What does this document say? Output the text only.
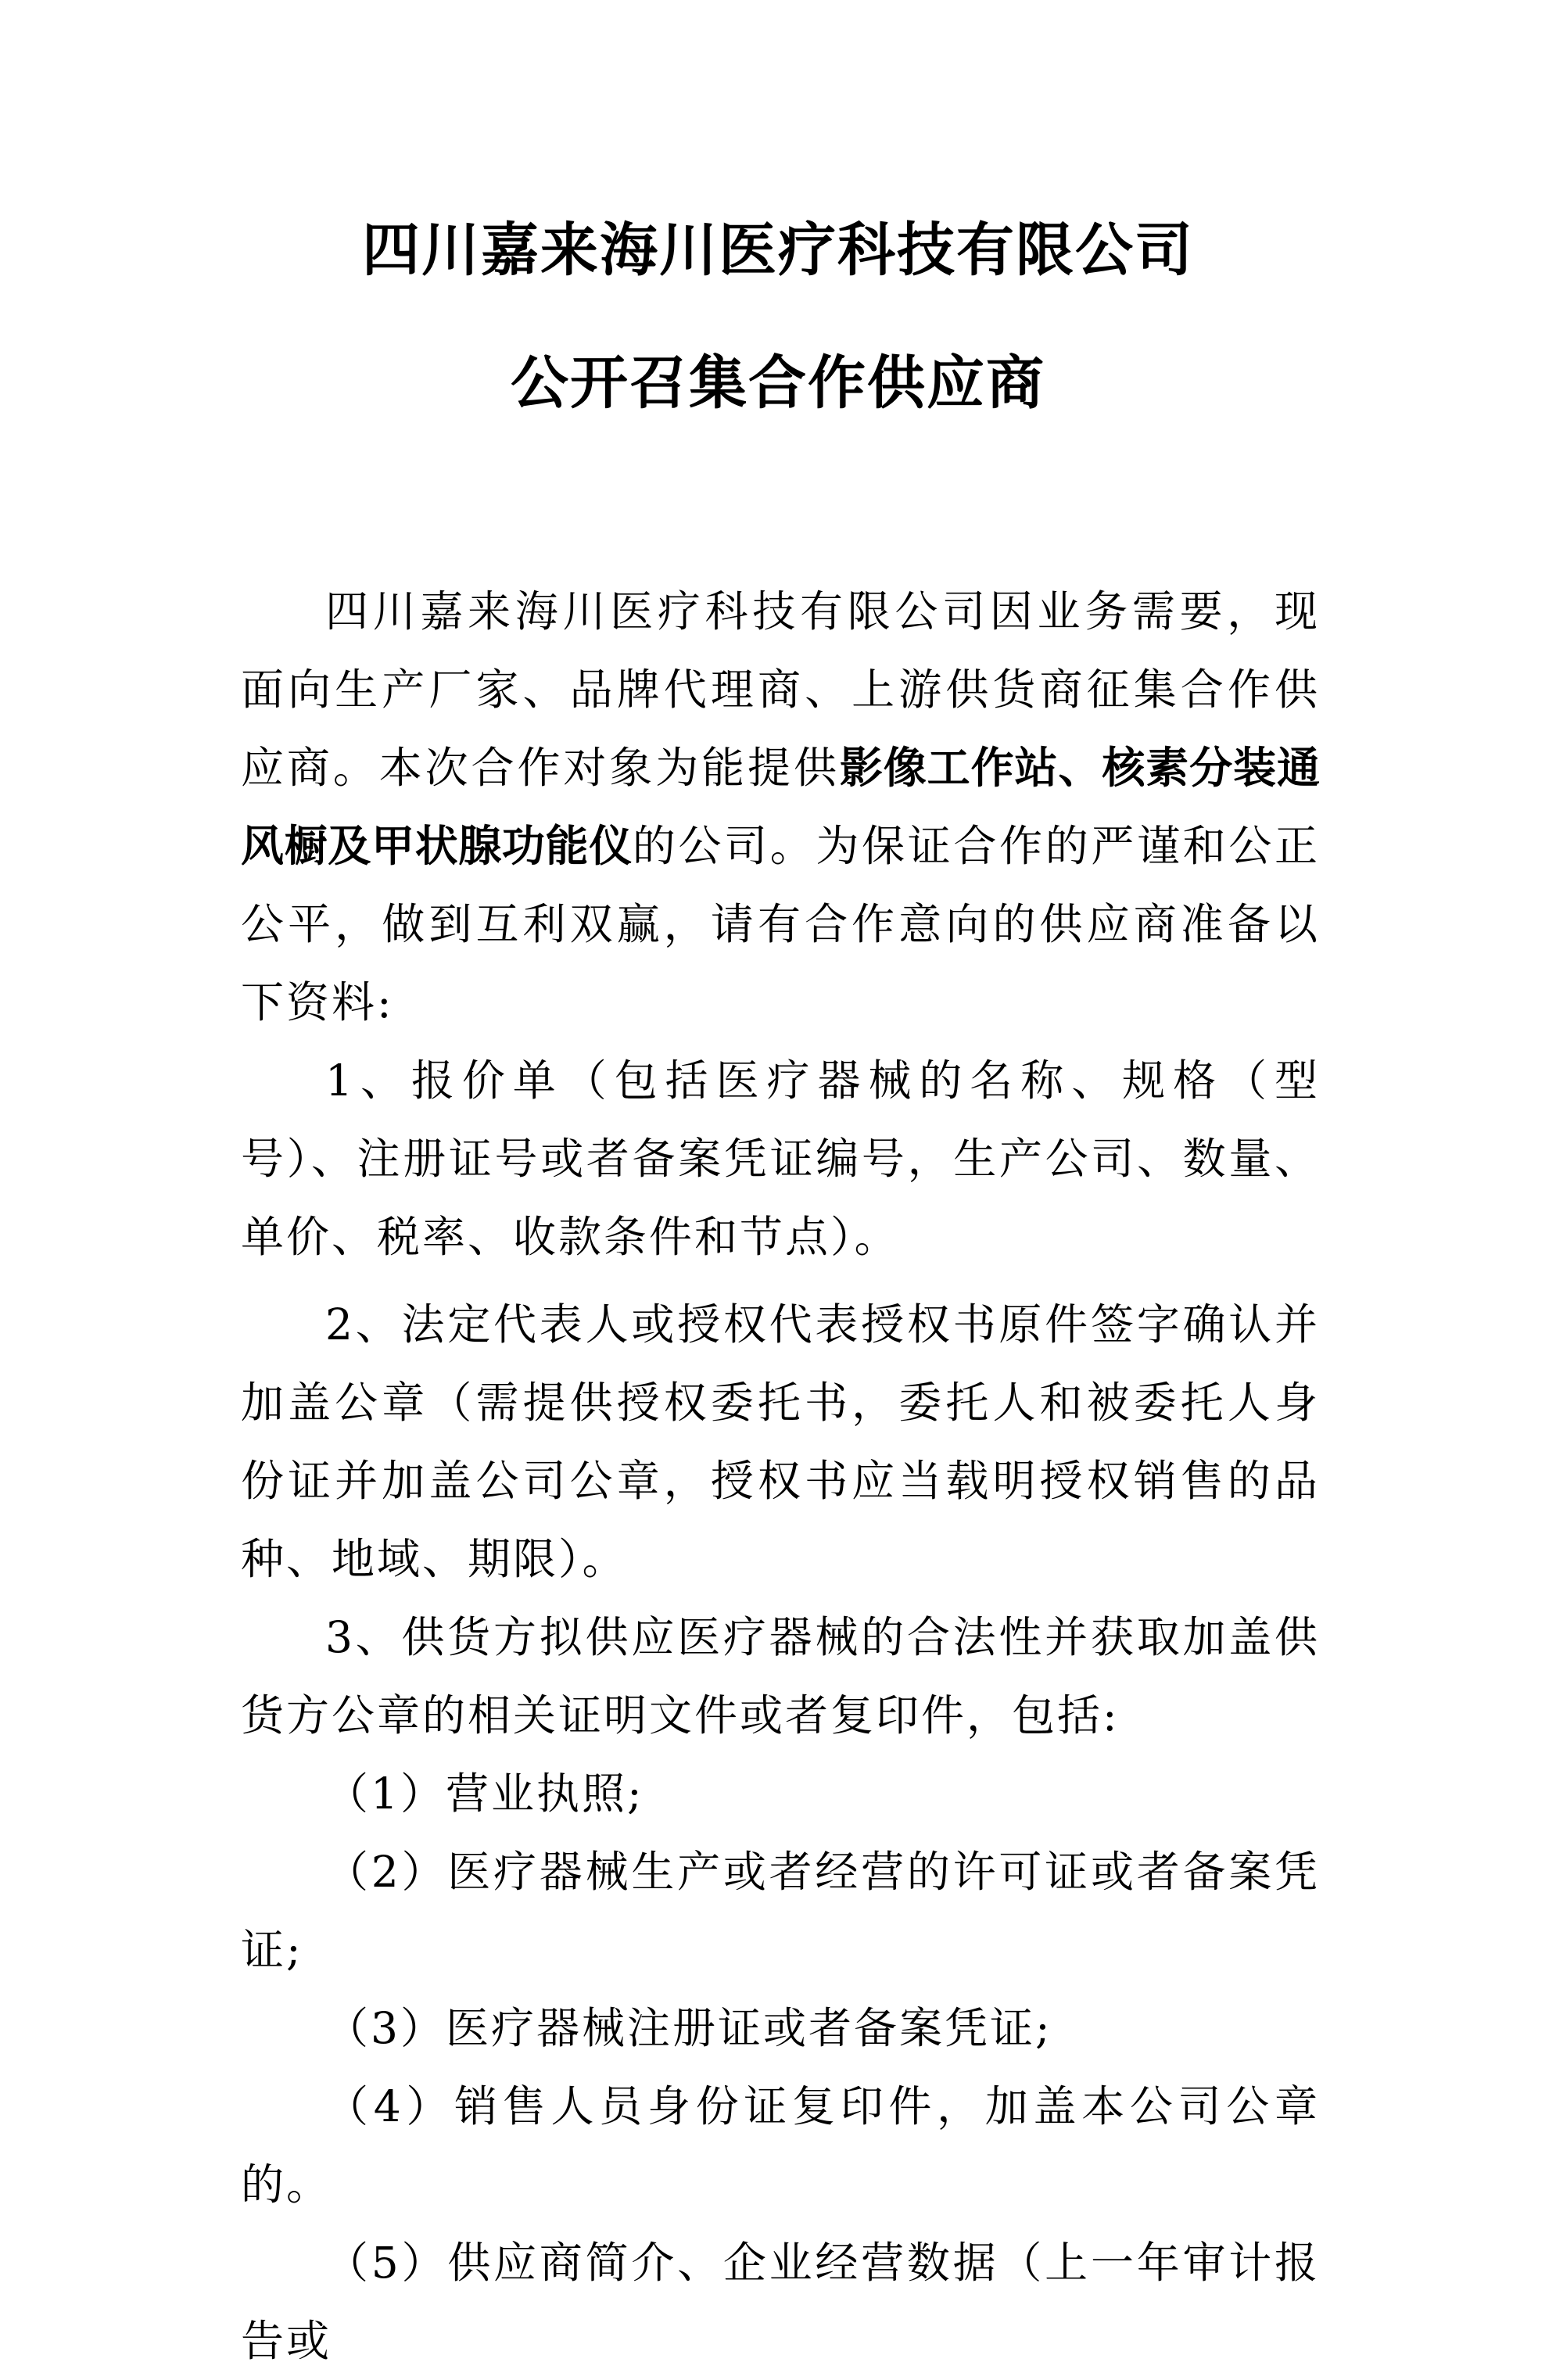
四川嘉来海川医疗科技有限公司
公开召集合作供应商

四川嘉来海川医疗科技有限公司因业务需要，现面向生产厂家、品牌代理商、上游供货商征集合作供应商。本次合作对象为能提供影像工作站、核素分装通风橱及甲状腺功能仪的公司。为保证合作的严谨和公正公平，做到互利双赢，请有合作意向的供应商准备以下资料:

1、报价单（包括医疗器械的名称、规格（型号）、注册证号或者备案凭证编号，生产公司、数量、单价、税率、收款条件和节点）。

2、法定代表人或授权代表授权书原件签字确认并加盖公章（需提供授权委托书，委托人和被委托人身份证并加盖公司公章，授权书应当载明授权销售的品种、地域、期限）。

3、供货方拟供应医疗器械的合法性并获取加盖供货方公章的相关证明文件或者复印件，包括:

（1）营业执照;

（2）医疗器械生产或者经营的许可证或者备案凭证;

（3）医疗器械注册证或者备案凭证;

（4）销售人员身份证复印件，加盖本公司公章的。

（5）供应商简介、企业经营数据（上一年审计报告或
